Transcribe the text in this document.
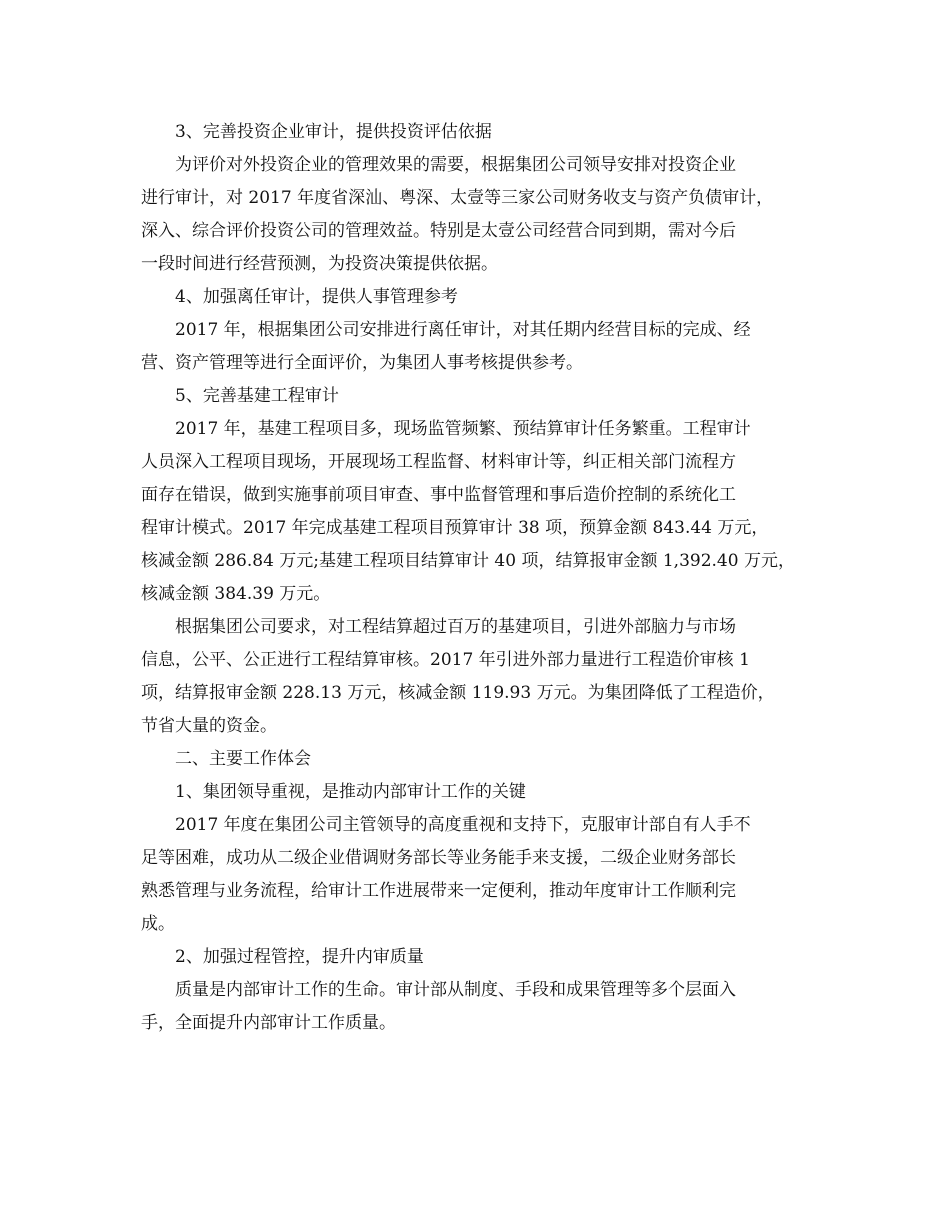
3、完善投资企业审计，提供投资评估依据
为评价对外投资企业的管理效果的需要，根据集团公司领导安排对投资企业
进行审计，对 2017 年度省深汕、粤深、太壹等三家公司财务收支与资产负债审计，
深入、综合评价投资公司的管理效益。特别是太壹公司经营合同到期，需对今后
一段时间进行经营预测，为投资决策提供依据。
4、加强离任审计，提供人事管理参考
2017 年，根据集团公司安排进行离任审计，对其任期内经营目标的完成、经
营、资产管理等进行全面评价，为集团人事考核提供参考。
5、完善基建工程审计
2017 年，基建工程项目多，现场监管频繁、预结算审计任务繁重。工程审计
人员深入工程项目现场，开展现场工程监督、材料审计等，纠正相关部门流程方
面存在错误，做到实施事前项目审查、事中监督管理和事后造价控制的系统化工
程审计模式。2017 年完成基建工程项目预算审计 38 项，预算金额 843.44 万元，
核减金额 286.84 万元;基建工程项目结算审计 40 项，结算报审金额 1,392.40 万元，
核减金额 384.39 万元。
根据集团公司要求，对工程结算超过百万的基建项目，引进外部脑力与市场
信息，公平、公正进行工程结算审核。2017 年引进外部力量进行工程造价审核 1
项，结算报审金额 228.13 万元，核减金额 119.93 万元。为集团降低了工程造价，
节省大量的资金。
二、主要工作体会
1、集团领导重视，是推动内部审计工作的关键
2017 年度在集团公司主管领导的高度重视和支持下，克服审计部自有人手不
足等困难，成功从二级企业借调财务部长等业务能手来支援，二级企业财务部长
熟悉管理与业务流程，给审计工作进展带来一定便利，推动年度审计工作顺利完
成。
2、加强过程管控，提升内审质量
质量是内部审计工作的生命。审计部从制度、手段和成果管理等多个层面入
手，全面提升内部审计工作质量。
